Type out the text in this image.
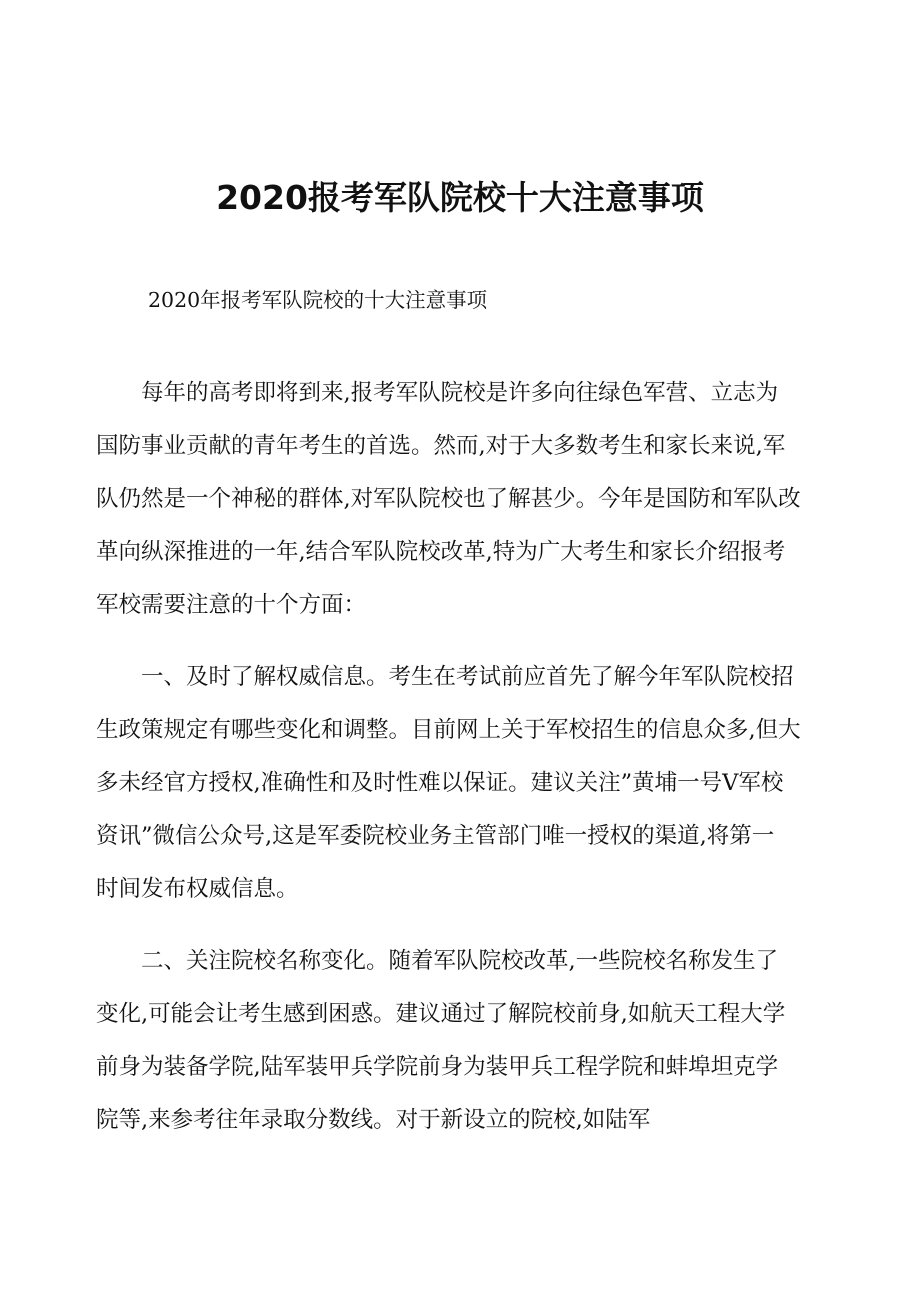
2020报考军队院校十大注意事项

2020年报考军队院校的十大注意事项

　　每年的高考即将到来,报考军队院校是许多向往绿色军营、立志为
国防事业贡献的青年考生的首选。然而,对于大多数考生和家长来说,军
队仍然是一个神秘的群体,对军队院校也了解甚少。今年是国防和军队改
革向纵深推进的一年,结合军队院校改革,特为广大考生和家长介绍报考
军校需要注意的十个方面：

　　一、及时了解权威信息。考生在考试前应首先了解今年军队院校招
生政策规定有哪些变化和调整。目前网上关于军校招生的信息众多,但大
多未经官方授权,准确性和及时性难以保证。建议关注”黄埔一号V军校
资讯”微信公众号,这是军委院校业务主管部门唯一授权的渠道,将第一
时间发布权威信息。

　　二、关注院校名称变化。随着军队院校改革,一些院校名称发生了
变化,可能会让考生感到困惑。建议通过了解院校前身,如航天工程大学
前身为装备学院,陆军装甲兵学院前身为装甲兵工程学院和蚌埠坦克学
院等,来参考往年录取分数线。对于新设立的院校,如陆军
